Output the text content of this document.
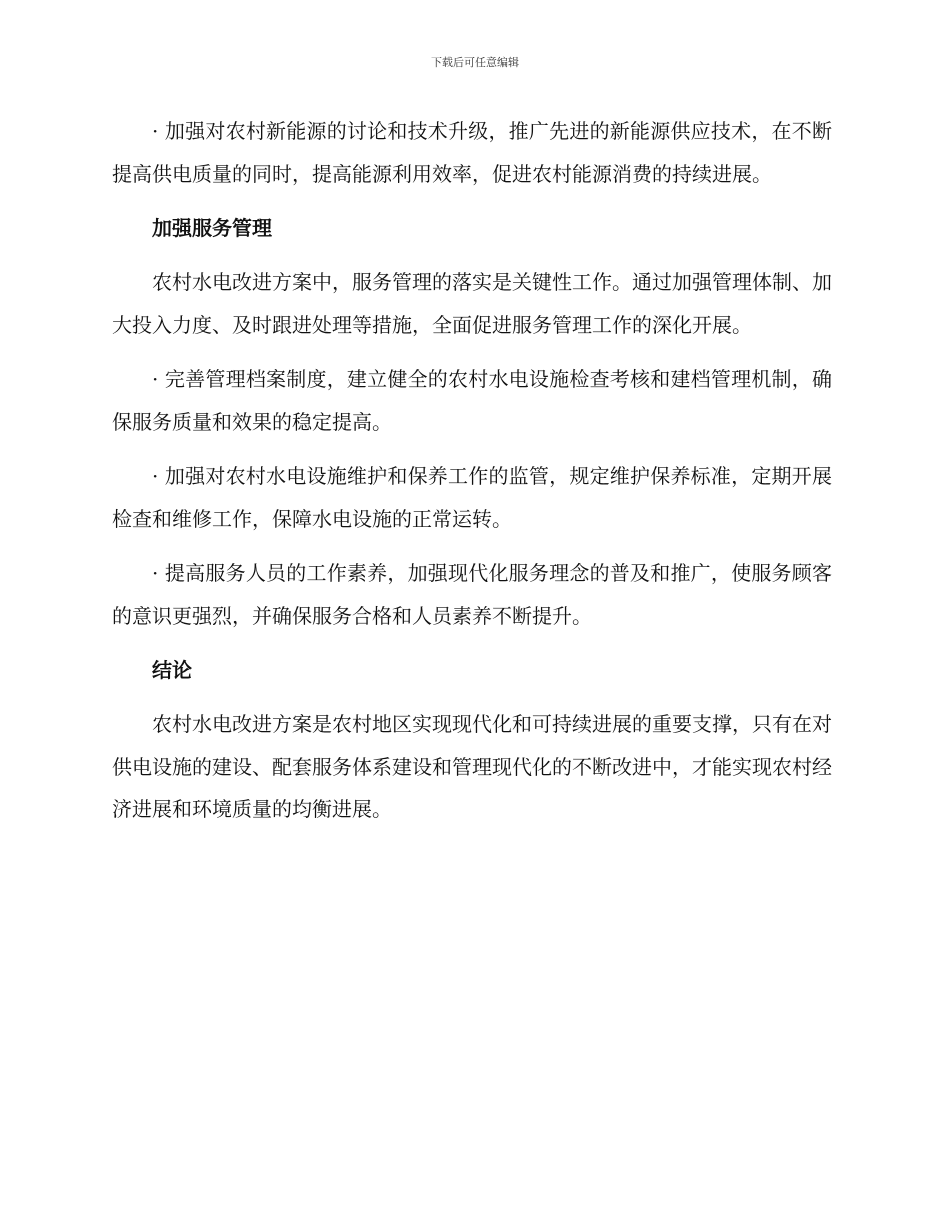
下载后可任意编辑

· 加强对农村新能源的讨论和技术升级，推广先进的新能源供应技术，在不断提高供电质量的同时，提高能源利用效率，促进农村能源消费的持续进展。

加强服务管理

农村水电改进方案中，服务管理的落实是关键性工作。通过加强管理体制、加大投入力度、及时跟进处理等措施，全面促进服务管理工作的深化开展。

· 完善管理档案制度，建立健全的农村水电设施检查考核和建档管理机制，确保服务质量和效果的稳定提高。

· 加强对农村水电设施维护和保养工作的监管，规定维护保养标准，定期开展检查和维修工作，保障水电设施的正常运转。

· 提高服务人员的工作素养，加强现代化服务理念的普及和推广，使服务顾客的意识更强烈，并确保服务合格和人员素养不断提升。

结论

农村水电改进方案是农村地区实现现代化和可持续进展的重要支撑，只有在对供电设施的建设、配套服务体系建设和管理现代化的不断改进中，才能实现农村经济进展和环境质量的均衡进展。
